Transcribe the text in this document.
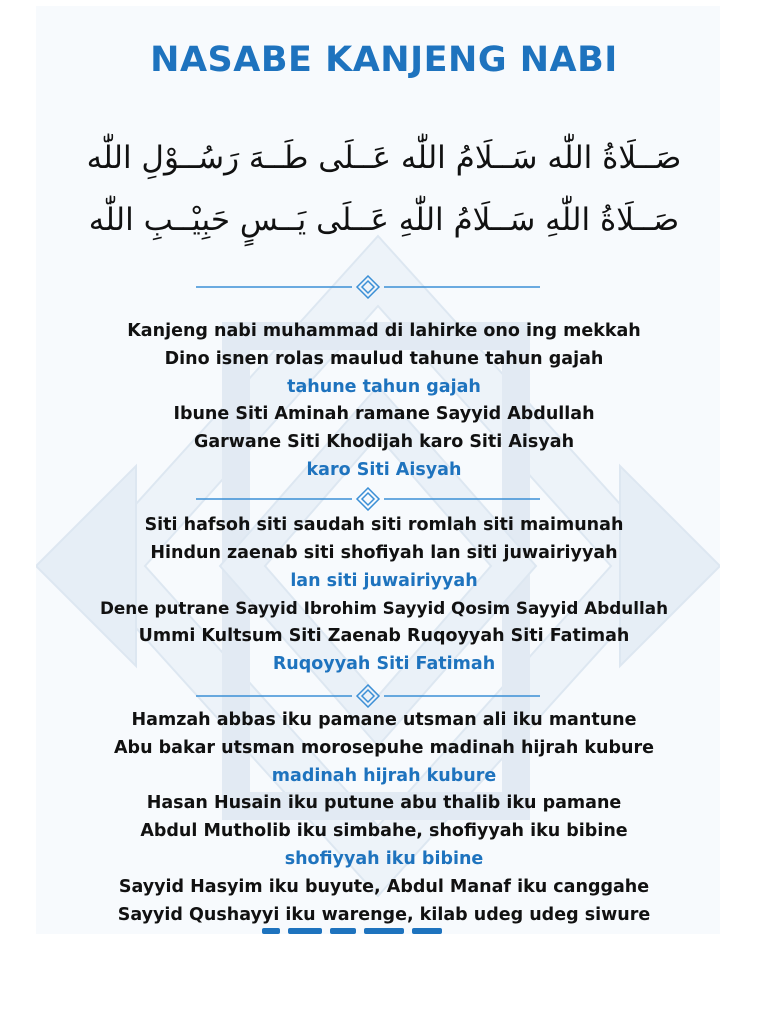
NASABE KANJENG NABI

صَــلَاةُ اللّٰه سَــلَامُ اللّٰه عَــلَى طَــهَ رَسُــوْلِ اللّٰه

صَــلَاةُ اللّٰهِ سَــلَامُ اللّٰهِ عَــلَى يَــسٍ حَبِيْــبِ اللّٰه

Kanjeng nabi muhammad di lahirke ono ing mekkah
Dino isnen rolas maulud tahune tahun gajah
tahune tahun gajah
Ibune Siti Aminah ramane Sayyid Abdullah
Garwane Siti Khodijah karo Siti Aisyah
karo Siti Aisyah
Siti hafsoh siti saudah siti romlah siti maimunah
Hindun zaenab siti shofiyah lan siti juwairiyyah
lan siti juwairiyyah
Dene putrane Sayyid Ibrohim Sayyid Qosim Sayyid Abdullah
Ummi Kultsum Siti Zaenab Ruqoyyah Siti Fatimah
Ruqoyyah Siti Fatimah
Hamzah abbas iku pamane utsman ali iku mantune
Abu bakar utsman morosepuhe madinah hijrah kubure
madinah hijrah kubure
Hasan Husain iku putune abu thalib iku pamane
Abdul Mutholib iku simbahe, shofiyyah iku bibine
shofiyyah iku bibine
Sayyid Hasyim iku buyute, Abdul Manaf iku canggahe
Sayyid Qushayyi iku warenge, kilab udeg udeg siwure
